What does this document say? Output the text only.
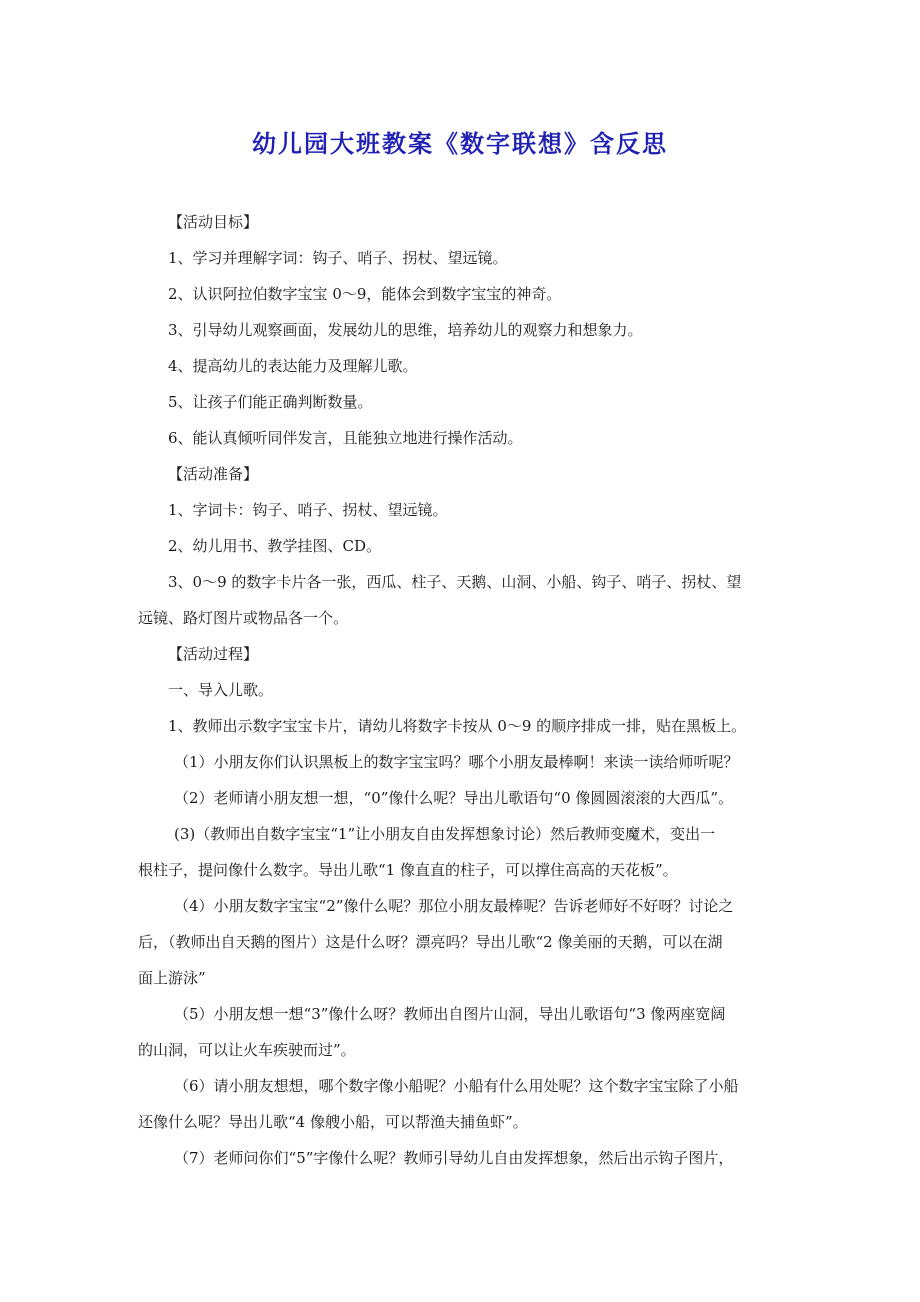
幼儿园大班教案《数字联想》含反思

【活动目标】

1、学习并理解字词：钩子、哨子、拐杖、望远镜。

2、认识阿拉伯数字宝宝 0～9，能体会到数字宝宝的神奇。

3、引导幼儿观察画面，发展幼儿的思维，培养幼儿的观察力和想象力。

4、提高幼儿的表达能力及理解儿歌。

5、让孩子们能正确判断数量。

6、能认真倾听同伴发言，且能独立地进行操作活动。

【活动准备】

1、字词卡：钩子、哨子、拐杖、望远镜。

2、幼儿用书、教学挂图、CD。

3、0～9 的数字卡片各一张，西瓜、柱子、天鹅、山洞、小船、钩子、哨子、拐杖、望

远镜、路灯图片或物品各一个。

【活动过程】

一、导入儿歌。

1、教师出示数字宝宝卡片，请幼儿将数字卡按从 0～9 的顺序排成一排，贴在黑板上。

（1）小朋友你们认识黑板上的数字宝宝吗？哪个小朋友最棒啊！来读一读给师听呢？

（2）老师请小朋友想一想，“0”像什么呢？导出儿歌语句“0 像圆圆滚滚的大西瓜”。

(3)（教师出自数字宝宝“1”让小朋友自由发挥想象讨论）然后教师变魔术，变出一

根柱子，提问像什么数字。导出儿歌“1 像直直的柱子，可以撑住高高的天花板”。

（4）小朋友数字宝宝“2”像什么呢？那位小朋友最棒呢？告诉老师好不好呀？讨论之

后，（教师出自天鹅的图片）这是什么呀？漂亮吗？导出儿歌“2 像美丽的天鹅，可以在湖

面上游泳”

（5）小朋友想一想“3”像什么呀？教师出自图片山洞，导出儿歌语句“3 像两座宽阔

的山洞，可以让火车疾驶而过”。

（6）请小朋友想想，哪个数字像小船呢？小船有什么用处呢？这个数字宝宝除了小船

还像什么呢？导出儿歌“4 像艘小船，可以帮渔夫捕鱼虾”。

（7）老师问你们“5”字像什么呢？教师引导幼儿自由发挥想象，然后出示钩子图片，
